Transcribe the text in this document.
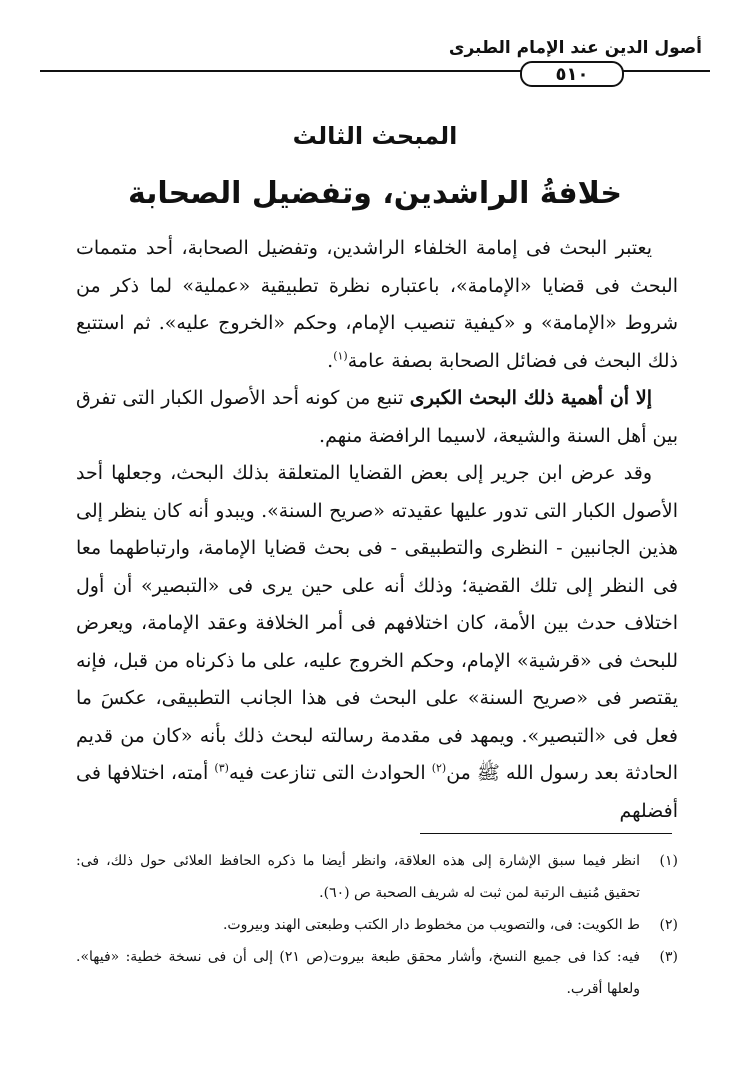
أصول الدين عند الإمام الطبرى
٥١٠
المبحث الثالث
خلافةُ الراشدين، وتفضيل الصحابة

يعتبر البحث فى إمامة الخلفاء الراشدين، وتفضيل الصحابة، أحد متممات البحث فى قضايا «الإمامة»، باعتباره نظرة تطبيقية «عملية» لما ذكر من شروط «الإمامة» و «كيفية تنصيب الإمام، وحكم «الخروج عليه». ثم استتبع ذلك البحث فى فضائل الصحابة بصفة عامة$^{(١)}$.

إلا أن أهمية ذلك البحث الكبرى تنبع من كونه أحد الأصول الكبار التى تفرق بين أهل السنة والشيعة، لاسيما الرافضة منهم.

وقد عرض ابن جرير إلى بعض القضايا المتعلقة بذلك البحث، وجعلها أحد الأصول الكبار التى تدور عليها عقيدته «صريح السنة». ويبدو أنه كان ينظر إلى هذين الجانبين - النظرى والتطبيقى - فى بحث قضايا الإمامة، وارتباطهما معا فى النظر إلى تلك القضية؛ وذلك أنه على حين يرى فى «التبصير» أن أول اختلاف حدث بين الأمة، كان اختلافهم فى أمر الخلافة وعقد الإمامة، ويعرض للبحث فى «قرشية» الإمام، وحكم الخروج عليه، على ما ذكرناه من قبل، فإنه يقتصر فى «صريح السنة» على البحث فى هذا الجانب التطبيقى، عكسَ ما فعل فى «التبصير». ويمهد فى مقدمة رسالته لبحث ذلك بأنه «كان من قديم الحادثة بعد رسول الله ﷺ من$^{(٢)}$ الحوادث التى تنازعت فيه$^{(٣)}$ أمته، اختلافها فى أفضلهم

(١)
انظر فيما سبق الإشارة إلى هذه العلاقة، وانظر أيضا ما ذكره الحافظ العلائى حول ذلك، فى: تحقيق مُنيف الرتبة لمن ثبت له شريف الصحبة ص (٦٠).
(٢)
ط الكويت: فى، والتصويب من مخطوط دار الكتب وطبعتى الهند وبيروت.
(٣)
فيه: كذا فى جميع النسخ، وأشار محقق طبعة بيروت(ص ٢١) إلى أن فى نسخة خطية: «فيها». ولعلها أقرب.
